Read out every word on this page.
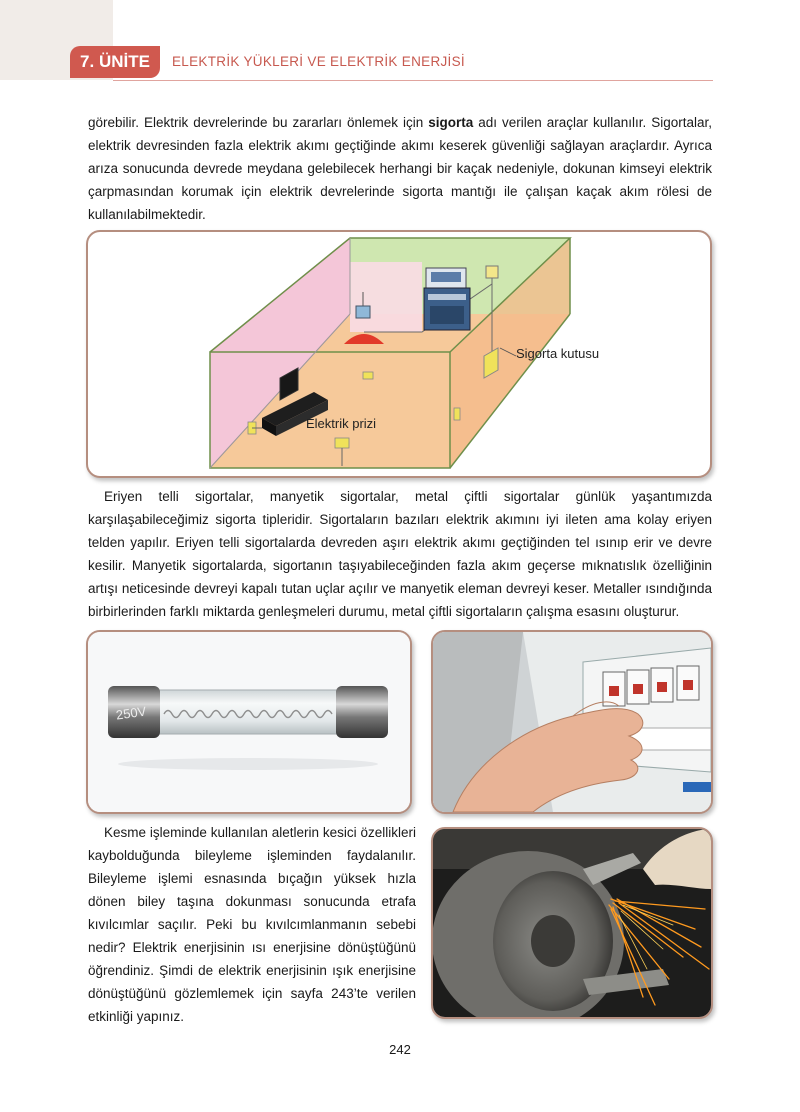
7. ÜNİTE	ELEKTRİK YÜKLERİ VE ELEKTRİK ENERJİSİ

görebilir. Elektrik devrelerinde bu zararları önlemek için sigorta adı verilen araçlar kullanılır. Sigortalar, elektrik devresinden fazla elektrik akımı geçtiğinde akımı keserek güvenliği sağlayan araçlardır. Ayrıca arıza sonucunda devrede meydana gelebilecek herhangi bir kaçak nedeniyle, dokunan kimseyi elektrik çarpmasından korumak için elektrik devrelerinde sigorta mantığı ile çalışan kaçak akım rölesi de kullanılabilmektedir.

Sigorta kutusu
Elektrik prizi

Eriyen telli sigortalar, manyetik sigortalar, metal çiftli sigortalar günlük yaşantımızda karşılaşabileceğimiz sigorta tipleridir. Sigortaların bazıları elektrik akımını iyi ileten ama kolay eriyen telden yapılır. Eriyen telli sigortalarda devreden aşırı elektrik akımı geçtiğinden tel ısınıp erir ve devre kesilir. Manyetik sigortalarda, sigortanın taşıyabileceğinden fazla akım geçerse mıknatıslık özelliğinin artışı neticesinde devreyi kapalı tutan uçlar açılır ve manyetik eleman devreyi keser. Metaller ısındığında birbirlerinden farklı miktarda genleşmeleri durumu, metal çiftli sigortaların çalışma esasını oluşturur.

250V

Kesme işleminde kullanılan aletlerin kesici özellikleri kaybolduğunda bileyleme işleminden faydalanılır. Bileyleme işlemi esnasında bıçağın yüksek hızla dönen biley taşına dokunması sonucunda etrafa kıvılcımlar saçılır. Peki bu kıvılcımlanmanın sebebi nedir? Elektrik enerjisinin ısı enerjisine dönüştüğünü öğrendiniz. Şimdi de elektrik enerjisinin ışık enerjisine dönüştüğünü gözlemlemek için sayfa 243’te verilen etkinliği yapınız.

242
